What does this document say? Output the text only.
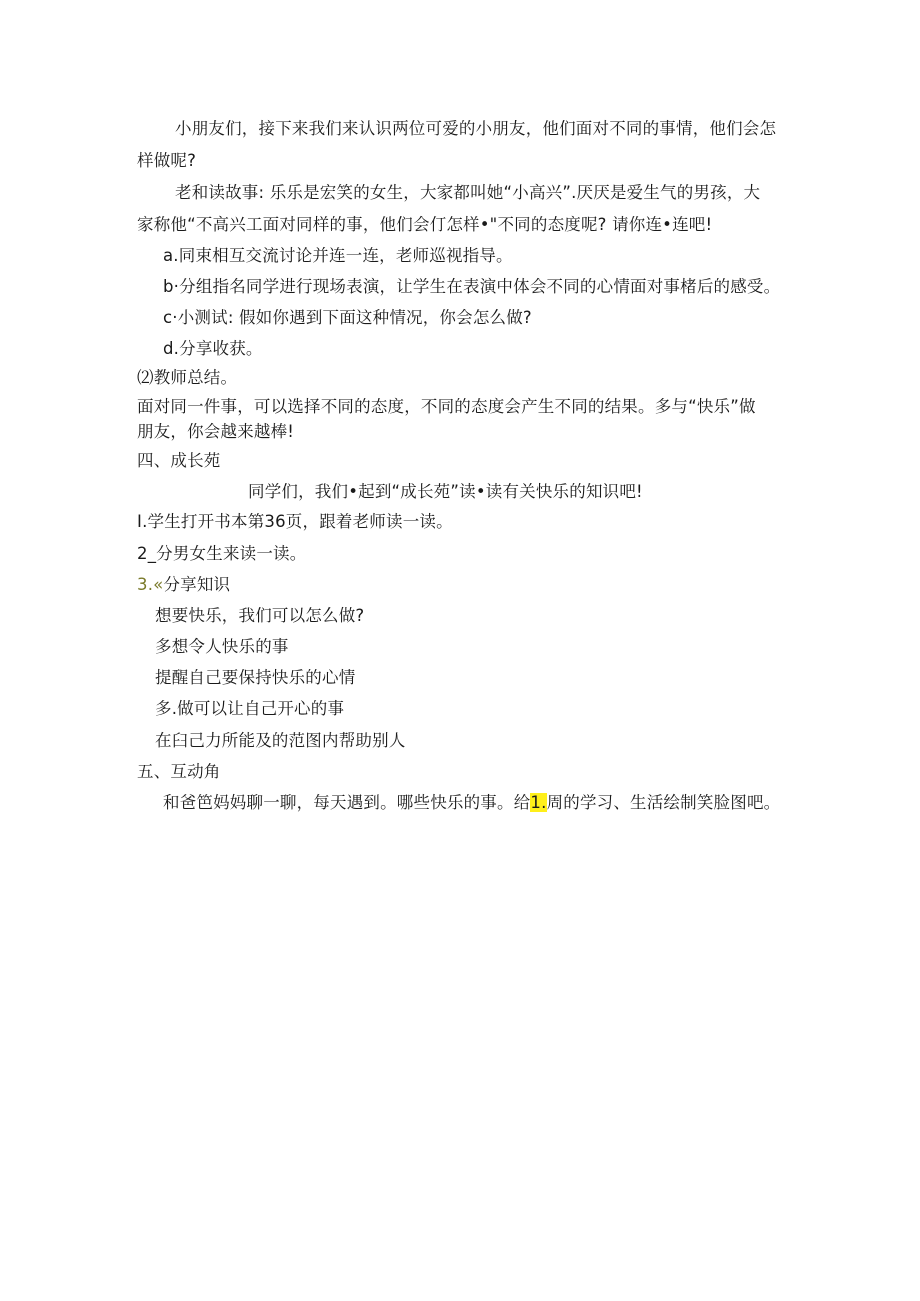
小朋友们，接下来我们来认识两位可爱的小朋友，他们面对不同的事情，他们会怎
样做呢?
老和读故事: 乐乐是宏笑的女生，大家都叫她“小高兴”.厌厌是爱生气的男孩，大
家称他“不高兴工面对同样的事，他们会仃怎样•"不同的态度呢? 请你连•连吧!
a.同束相互交流讨论并连一连，老师巡视指导。
b·分组指名同学进行现场表演，让学生在表演中体会不同的心情面对事楮后的感受。
c·小测试: 假如你遇到下面这种情况，你会怎么做?
d.分享收获。
⑵教师总结。
面对同一件事，可以选择不同的态度，不同的态度会产生不同的结果。多与“快乐”做
朋友，你会越来越棒!
四、成长苑
同学们，我们•起到“成长苑”读•读有关快乐的知识吧!
I.学生打开书本第36页，跟着老师读一读。
2_分男女生来读一读。
3.«分享知识
想要快乐，我们可以怎么做?
多想令人快乐的事
提醒自己要保持快乐的心情
多.做可以让自己开心的事
在臼己力所能及的范图内帮助别人
五、互动角
和爸笆妈妈聊一聊，每天遇到。哪些快乐的事。给1.周的学习、生活绘制笑脸图吧。
